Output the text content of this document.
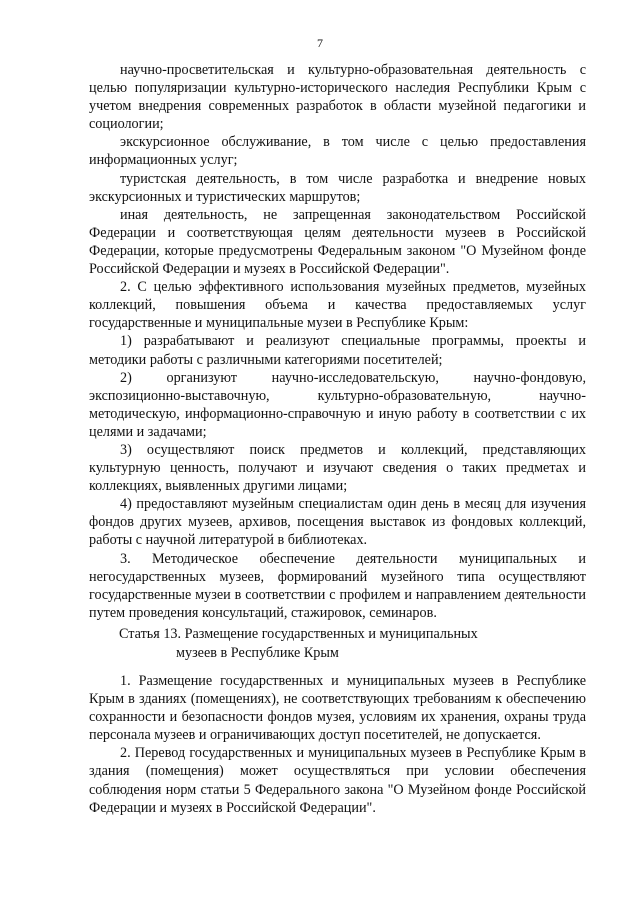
7

научно-просветительская и культурно-образовательная деятельность с целью популяризации культурно-исторического наследия Республики Крым с учетом внедрения современных разработок в области музейной педагогики и социологии;

экскурсионное обслуживание, в том числе с целью предоставления информационных услуг;

туристская деятельность, в том числе разработка и внедрение новых экскурсионных и туристических маршрутов;

иная деятельность, не запрещенная законодательством Российской Федерации и соответствующая целям деятельности музеев в Российской Федерации, которые предусмотрены Федеральным законом "О Музейном фонде Российской Федерации и музеях в Российской Федерации".

2. С целью эффективного использования музейных предметов, музейных коллекций, повышения объема и качества предоставляемых услуг государственные и муниципальные музеи в Республике Крым:

1) разрабатывают и реализуют специальные программы, проекты и методики работы с различными категориями посетителей;

2) организуют научно-исследовательскую, научно-фондовую, экспозиционно-выставочную, культурно-образовательную, научно-методическую, информационно-справочную и иную работу в соответствии с их целями и задачами;

3) осуществляют поиск предметов и коллекций, представляющих культурную ценность, получают и изучают сведения о таких предметах и коллекциях, выявленных другими лицами;

4) предоставляют музейным специалистам один день в месяц для изучения фондов других музеев, архивов, посещения выставок из фондовых коллекций, работы с научной литературой в библиотеках.

3. Методическое обеспечение деятельности муниципальных и негосударственных музеев, формирований музейного типа осуществляют государственные музеи в соответствии с профилем и направлением деятельности путем проведения консультаций, стажировок, семинаров.

Статья 13. Размещение государственных и муниципальных
музеев в Республике Крым

1. Размещение государственных и муниципальных музеев в Республике Крым в зданиях (помещениях), не соответствующих требованиям к обеспечению сохранности и безопасности фондов музея, условиям их хранения, охраны труда персонала музеев и ограничивающих доступ посетителей, не допускается.

2. Перевод государственных и муниципальных музеев в Республике Крым в здания (помещения) может осуществляться при условии обеспечения соблюдения норм статьи 5 Федерального закона "О Музейном фонде Российской Федерации и музеях в Российской Федерации".
